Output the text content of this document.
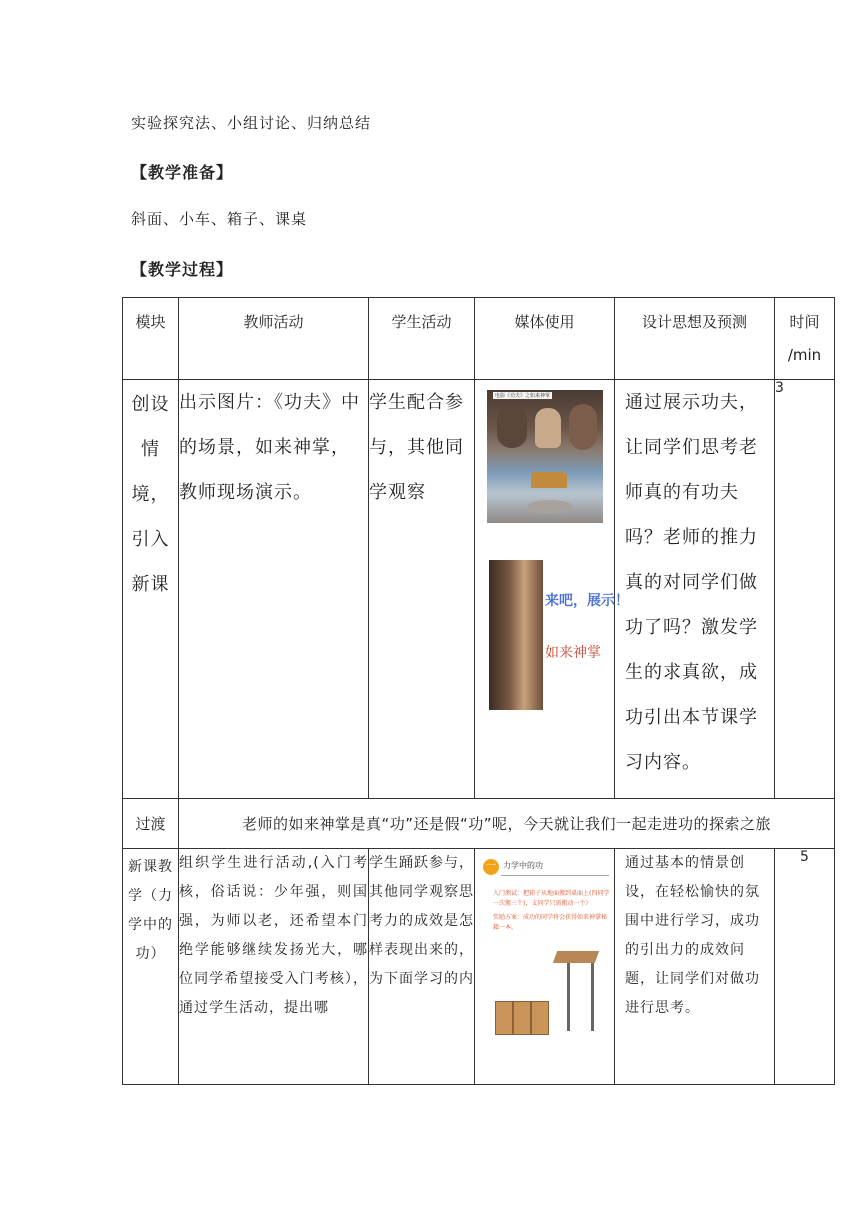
实验探究法、小组讨论、归纳总结
【教学准备】
斜面、小车、箱子、课桌
【教学过程】
模块	教师活动	学生活动	媒体使用	设计思想及预测	时间
/min

创设情境，引入新课	出示图片：《功夫》中的场景，如来神掌，教师现场演示。	学生配合参与，其他同学观察	电影《功夫》之如来神掌
来吧，展示！
如来神掌	通过展示功夫，让同学们思考老师真的有功夫吗？老师的推力真的对同学们做功了吗？激发学生的求真欲，成功引出本节课学习内容。	3
过渡	老师的如来神掌是真“功”还是假“功”呢，今天就让我们一起走进功的探索之旅				
新课教学（力学中的功）	组织学生进行活动,(入门考核，俗话说：少年强，则国强，为师以老，还希望本门绝学能够继续发扬光大，哪位同学希望接受入门考核），通过学生活动，提出哪	学生踊跃参与，其他同学观察思考力的成效是怎样表现出来的，为下面学习的内	一 力学中的功
入门测试：把箱子从地面搬到桌面上(四同学一次搬三个)，支同学只需搬动一个）
奖励方案：成功的同学将会获得如来神掌秘籍一本。	通过基本的情景创设，在轻松愉快的氛围中进行学习，成功的引出力的成效问题，让同学们对做功进行思考。	5
